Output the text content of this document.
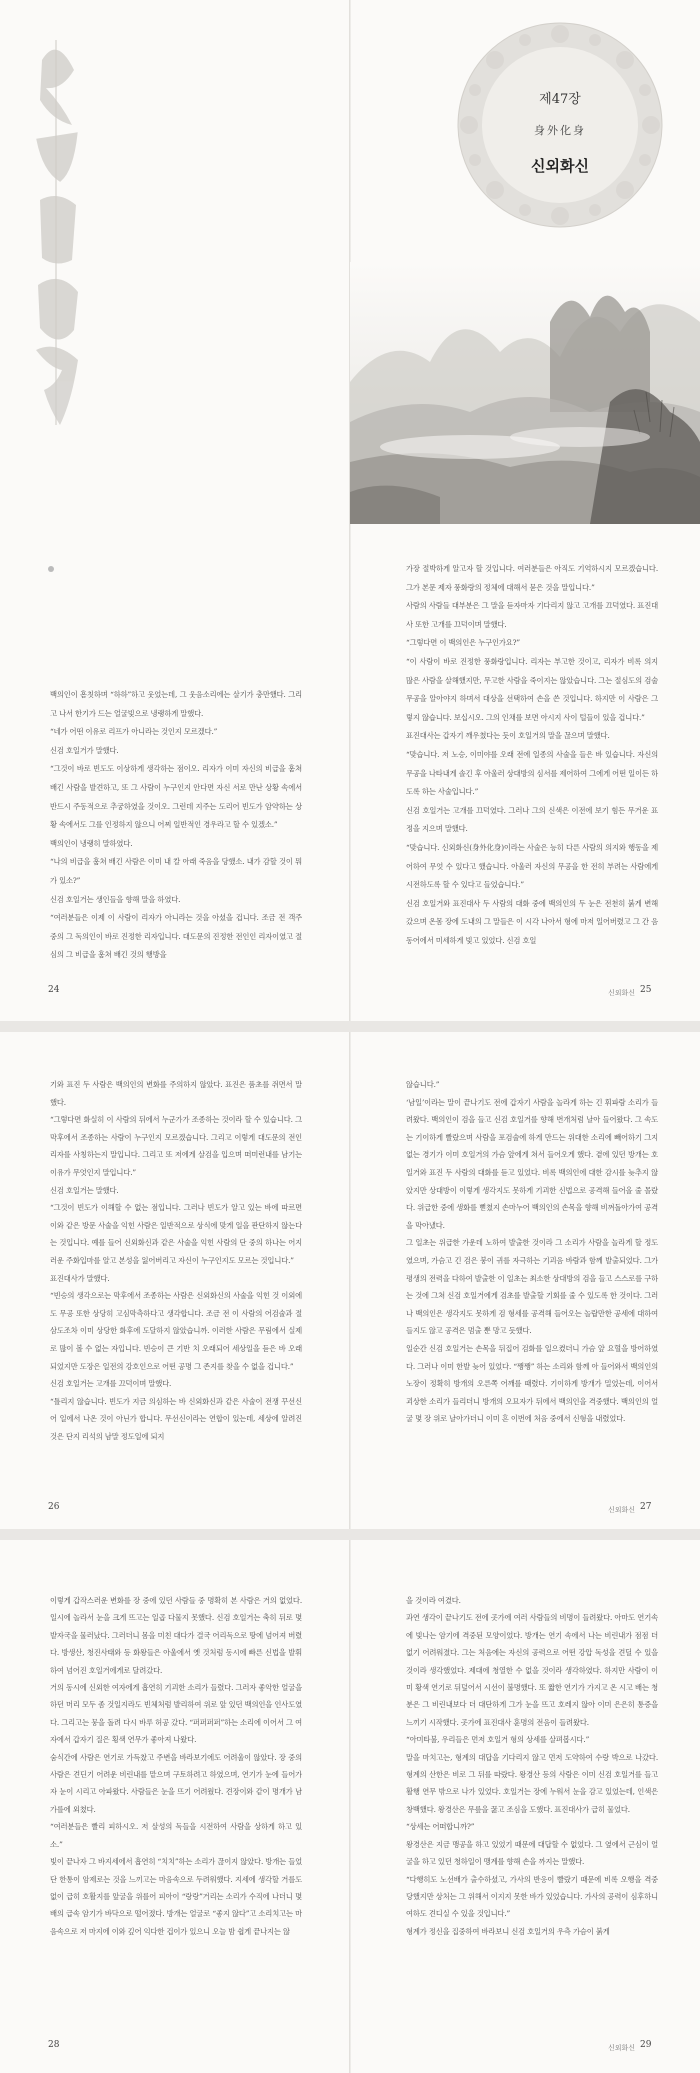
제47장
身外化身
신외화신

백의인이 흠칫하며 “하하”하고 웃었는데, 그 웃음소리에는 살기가 충만했다. 그리고 나서 한기가 드는 얼굴빛으로 냉랭하게 말했다.

“네가 어떤 이유로 리프가 아니라는 것인지 모르겠다.”

신검 호일거가 말했다.

“그것이 바로 빈도도 이상하게 생각하는 점이오. 리자가 이미 자신의 비급을 훔쳐 배긴 사람을 발견하고, 또 그 사람이 누구인지 안다면 자신 서로 만난 상황 속에서 반드시 주동적으로 추궁하였을 것이오. 그런데 지주는 도리어 빈도가 암약하는 상황 속에서도 그를 인정하지 않으니 어찌 일반적인 경우라고 할 수 있겠소.”

백의인이 냉랭히 말하였다.

“나의 비급을 훔쳐 배긴 사람은 이미 내 칼 아래 죽음을 당했소. 내가 감할 것이 뭐가 있소?”

신검 호일거는 생인들을 향해 말을 하였다.

“여러분들은 이제 이 사람이 리자가 아니라는 것을 아셨을 겁니다. 조금 전 객주 중의 그 독의인이 바로 진정한 리자입니다. 대도문의 진정한 전인인 리자이였고 절심의 그 비급을 훔쳐 배긴 것의 행방을

24

가장 절박하게 알고자 할 것입니다. 여러분들은 아직도 기억하시지 모르겠습니다. 그가 본문 제자 풍화랑의 정체에 대해서 묻은 것을 말입니다.”

사람의 사람들 대부분은 그 말을 듣자마자 기다리지 않고 고개를 끄덕였다. 표진대사 또한 고개를 끄덕이며 말했다.

“그렇다면 이 백의인은 누구인가요?”

“이 사람이 바로 진정한 풍화랑입니다. 리자는 부고한 것이고, 리자가 비록 의지 많은 사람을 살해했지만, 무고한 사람을 죽이지는 않았습니다. 그는 절심도의 검술 무공을 알아야지 하며서 대상을 선택하여 손을 쓴 것입니다. 하지만 이 사람은 그렇지 않습니다. 보십시오. 그의 인채를 보면 아시지 사이 털들이 있을 겁니다.”

표진대사는 갑자기 깨우쳤다는 듯이 호일거의 말을 끊으며 말했다.

“맞습니다. 저 노승, 이미야를 오래 전에 일종의 사술을 들은 바 있습니다. 자신의 무공을 나타내게 솔긴 후 아울러 상대방의 심서를 제어하여 그에게 어떤 일이든 하도록 하는 사술입니다.”

신검 호일거는 고개를 끄덕였다. 그러나 그의 신색은 이전에 보기 힘든 무거운 표정을 지으며 말했다.

“맞습니다. 신외화신(身外化身)이라는 사술은 능히 다른 사람의 의지와 행동을 제어하여 무엇 수 있다고 했습니다. 아울러 자신의 무공을 한 전히 부려는 사람에게 시전하도록 할 수 있다고 들었습니다.”

신검 호일거와 표진대사 두 사람의 대화 중에 백의인의 두 눈은 전천히 붉게 변해갔으며 온몸 장에 도내의 그 말들은 이 시각 나아서 형에 마저 일어버렸고 그 간 음동어에서 미세하게 빛고 있었다. 신검 호일

신외화신 25

기와 표진 두 사람은 백의인의 변화를 주의하지 않았다. 표진은 품초를 쥐면서 말했다.

“그렇다면 화실히 이 사람의 뒤에서 누군가가 조종하는 것이라 할 수 있습니다. 그 막후에서 조종하는 사람이 누구인지 모르겠습니다. 그리고 이렇게 대도문의 전인 리자를 사칭하는지 말입니다. 그리고 또 저에게 살검을 입으며 떠미런내를 남기는 이유가 무엇인지 말입니다.”

신검 호일거는 말했다.

“그것이 빈도가 이해할 수 없는 점입니다. 그러나 빈도가 알고 있는 바에 따르면 이와 같은 방문 사술을 익힌 사람은 일반적으로 상식에 맞게 일을 판단하지 않는다는 것입니다. 예를 들어 신외화신과 같은 사술을 익힌 사람의 단 중의 하나는 어지러운 주화입마를 알고 본성을 잃어버리고 자신이 누구인지도 모르는 것입니다.”

표진대사가 말했다.

“빈승의 생각으로는 막후에서 조종하는 사람은 신외화신의 사술을 익힌 것 이외에도 무공 또한 상당히 고심막측하다고 생각합니다. 조금 전 이 사람의 어검술과 절삼도조차 이미 상당한 화후에 도달하지 않았습니까. 이러한 사람은 무림에서 실제로 많이 볼 수 없는 자입니다. 빈승이 큰 기반 치 오래되어 세상일을 듣은 바 오래되었지만 도장은 일전의 강호인으로 어떤 공명 그 존지를 찾을 수 없을 겁니다.”

신검 호일거는 고개를 끄덕이며 말했다.

“틀리지 않습니다. 빈도가 지금 의심하는 바 신외화신과 같은 사술이 전쟁 꾸선신어 일에서 나온 것이 아닌가 합니다. 무선신이라는 연합이 있는데, 세상에 알려진 것은 단지 리석의 남말 정도일에 되지

26

않습니다.”

‘남일’이라는 말이 끝나기도 전에 갑자기 사람을 놀라게 하는 긴 휘파람 소리가 들려왔다. 백의인이 검을 들고 신검 호일거를 향해 번개처럼 날아 들어왔다. 그 속도는 기이하게 빨랐으며 사람을 포검술에 하게 만드는 위대한 소리에 빼어하기 그지없는 경기가 이미 호일거의 가슴 앞에게 쳐서 들어오게 했다. 곁에 있던 방개는 호일거와 표진 두 사람의 대화를 듣고 있었다. 비록 백의인에 대한 감시를 늦추지 않았지만 상대방이 이렇게 생각지도 못하게 기괴한 신법으로 공격해 들어올 줄 몰랐다. 위급한 중에 생화를 뻗쳤지 손마누어 백의인의 손목을 향해 비껴돌아가여 공격을 막아냈다.

그 일초는 위급한 가운데 노하여 발출한 것이라 그 소리가 사람을 놀라게 할 정도였으며, 가슴고 긴 검은 붕이 귀를 자극하는 기괴음 바람과 함께 발출되었다. 그가 평생의 전력을 다하여 발출한 이 일초는 최소한 상대방의 검을 들고 스스로를 구하는 것에 그쳐 신검 호일거에게 검초를 발출할 기회를 줄 수 있도록 한 것이다. 그러나 백의인은 생각지도 못하게 검 형세를 공격해 들어오는 놀랍만한 공세에 대하여 들지도 않고 공격은 멈출 뿐 망고 듯했다.

일순간 신검 호일거는 손목을 뒤집어 검화를 일으켰더니 가슴 앞 요혈을 방어하였다. 그러나 이미 한발 늦어 있었다. “쨍쨍” 하는 소리와 함께 아 들어와서 백의인의 노장이 정확히 방개의 오른쪽 어깨를 때렸다. 기이하게 방개가 밀었는데, 이어서 괴상한 소리가 들리더니 방개의 오묘자가 뒤에서 백의인을 격중했다. 백의인의 얼굴 몇 장 위로 날아가더니 이미 흔 이번에 처음 중에서 신형을 내렸었다.

신외화신 27

이렇게 갑작스러운 변화를 장 중에 있던 사람들 중 명확히 본 사람은 거의 없었다. 일시에 놀라서 눈을 크게 뜨고는 일곱 다물지 못했다. 신검 호일거는 축히 뒤로 몇 발자국을 물러났다. 그러더니 몸을 미친 대다가 결국 어리독으로 땅에 넘어져 버렸다. 방생산, 청진사태와 등 화왕들은 아울에서 옛 것처럼 동시에 빠른 신법을 발휘하여 넘어진 호일거에게로 달려갔다.

거의 동시에 신외한 여자에게 흡연히 기괴한 소리가 들렸다. 그러자 좋악한 얼굴을 하던 머리 모두 좀 것일지라도 빈체처럼 발리하여 위로 앞 있던 백의인을 인사도였다. 그리고는 뭉을 돌려 다시 바루 허공 갔다. “퍼퍼퍼퍼”하는 소리에 이어서 그 여자에서 갑자기 질은 횡색 연무가 좋아져 나왔다.

숨식간에 사람은 연기로 가득찼고 주변을 바라보기에도 어려울이 않았다. 장 중의 사람은 견딘기 어려운 비린내를 맡으며 구토하려고 하였으며, 연기가 눈에 들어가자 눈이 시리고 아파왔다. 사람들은 눈을 뜨기 어려웠다. 견장이와 같이 명개가 남가를에 외쳤다.

“여러분들은 빨리 피하시오. 저 살성의 독들을 시전하여 사람을 상하게 하고 있소.”

빛이 끝나자 그 바지세에서 흡연히 “치치”하는 소리가 끊이지 않았다. 방개는 들었단 한통이 암제로는 것을 느끼고는 마음속으로 두려워했다. 지세에 생각할 거를도 없이 급히 호활지를 앞굴을 위를어 피아이 “랑랑”거리는 소리가 수직에 나더니 몇 배의 급속 암기가 바닥으로 떨어졌다. 방개는 얼굴로 “좋지 않다”고 소리치고는 마음속으로 저 마지에 이와 깊어 익다한 겁이가 있으니 오늘 밤 쉽게 끝나지는 않

28

을 것이라 여겼다.

과연 생각이 끝나기도 전에 곳가에 여러 사람들의 비명이 들려왔다. 아마도 연기속에 빛나는 암기에 격중된 모양이었다. 방개는 연기 속에서 나는 비린내가 점점 더 없기 어려워졌다. 그는 처음에는 자신의 공력으로 어떤 강압 독성을 견딜 수 있을 것이라 생각했었다. 제대에 청열한 수 없을 것이라 생각하였다. 하지만 사람이 이미 황색 연기로 뒤덮어서 시선이 불명했다. 또 짧한 연기가 가지고 온 시고 배는 청분은 그 비린내보다 더 대단하게 그가 눈을 뜨고 호레지 않아 이미 은은히 통증을 느끼기 시작했다. 곳가에 표진대사 훈명의 전음이 들려왔다.

“아미타불, 우리들은 먼저 호일거 형의 상세를 살펴봅시다.”

말을 마치고는, 형계의 대답을 기다리지 않고 먼저 도약하여 수랑 박으로 나갔다. 형계의 산한은 비로 그 뒤를 따랐다. 왕경산 등의 사람은 이미 신검 호일거를 들고 활행 연무 밖으로 나가 있었다. 호일거는 장에 누워서 눈을 감고 있었는데, 인색은 창백했다. 왕경산은 무릎을 꿇고 조심을 도했다. 표진대사가 급히 물었다.

“상세는 어떠합니까?”

왕경산은 지금 맹공을 하고 있었기 때문에 대답할 수 없었다. 그 옆에서 근심이 얼굴을 하고 있던 청하일이 맹계를 향해 손을 까지는 말했다.

“다행히도 노선배가 출수하셨고, 가사의 반응이 빨랐기 때문에 비록 오행을 격중당했지만 상처는 그 위해서 이지지 못한 바가 있었습니다. 가사의 공력이 심후하니 여하도 견디실 수 있을 것입니다.”

형계가 정신을 집중하여 바라보니 신검 호일거의 우측 가슴이 붉게

신외화신 29
